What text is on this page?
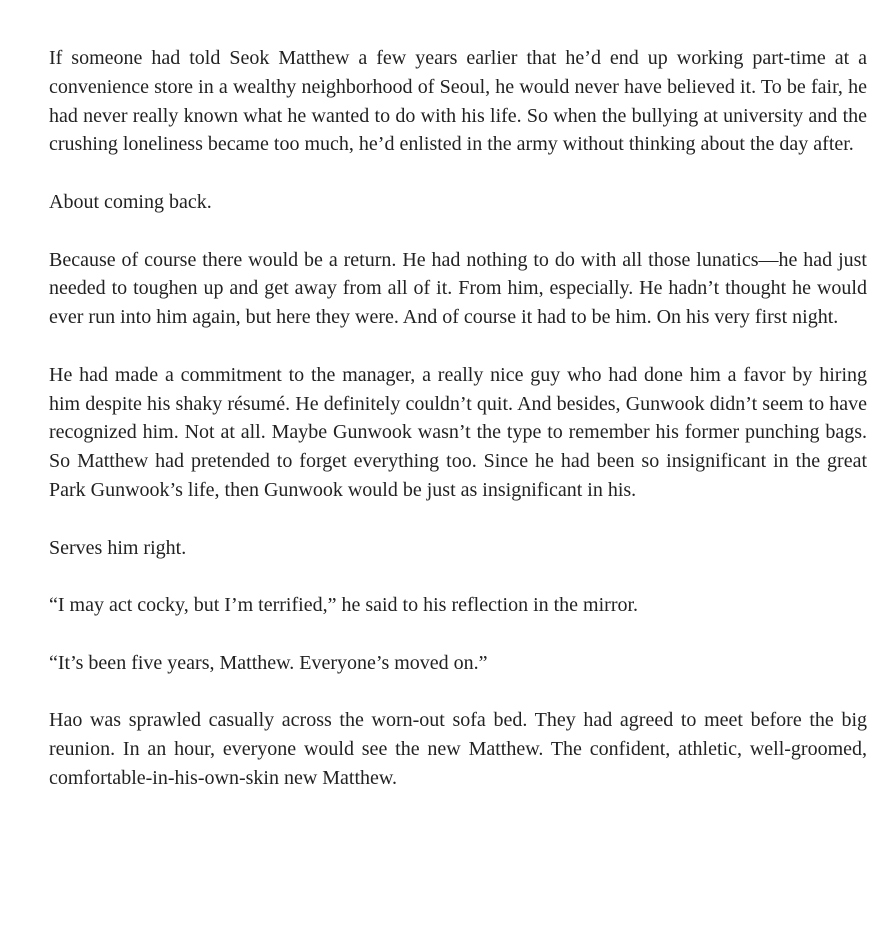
If someone had told Seok Matthew a few years earlier that he’d end up working part-time at a convenience store in a wealthy neighborhood of Seoul, he would never have believed it. To be fair, he had never really known what he wanted to do with his life. So when the bullying at university and the crushing loneliness became too much, he’d enlisted in the army without thinking about the day after.

About coming back.

Because of course there would be a return. He had nothing to do with all those lunatics—he had just needed to toughen up and get away from all of it. From him, especially. He hadn’t thought he would ever run into him again, but here they were. And of course it had to be him. On his very first night.

He had made a commitment to the manager, a really nice guy who had done him a favor by hiring him despite his shaky résumé. He definitely couldn’t quit. And besides, Gunwook didn’t seem to have recognized him. Not at all. Maybe Gunwook wasn’t the type to remember his former punching bags. So Matthew had pretended to forget everything too. Since he had been so insignificant in the great Park Gunwook’s life, then Gunwook would be just as insignificant in his.

Serves him right.

“I may act cocky, but I’m terrified,” he said to his reflection in the mirror.

“It’s been five years, Matthew. Everyone’s moved on.”

Hao was sprawled casually across the worn-out sofa bed. They had agreed to meet before the big reunion. In an hour, everyone would see the new Matthew. The confident, athletic, well-groomed, comfortable-in-his-own-skin new Matthew.
